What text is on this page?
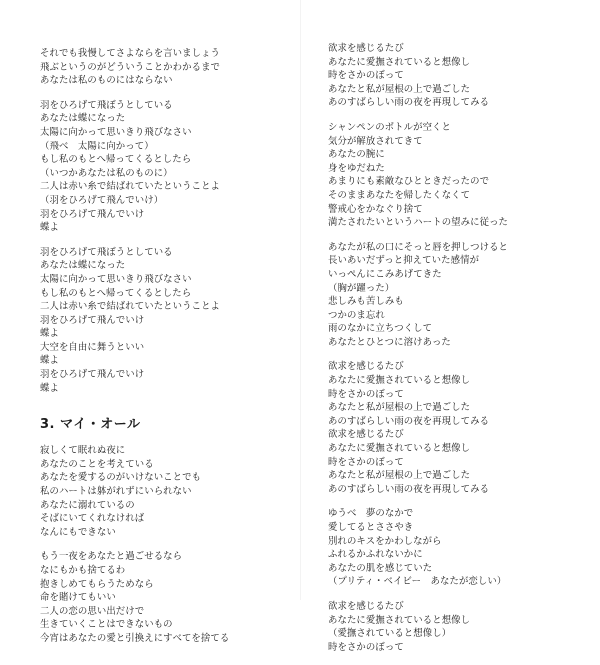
それでも我慢してさよならを言いましょう
飛ぶというのがどういうことかわかるまで
あなたは私のものにはならない
羽をひろげて飛ぼうとしている
あなたは蝶になった
太陽に向かって思いきり飛びなさい
（飛べ　太陽に向かって）
もし私のもとへ帰ってくるとしたら
（いつかあなたは私のものに）
二人は赤い糸で結ばれていたということよ
（羽をひろげて飛んでいけ）
羽をひろげて飛んでいけ
蝶よ
羽をひろげて飛ぼうとしている
あなたは蝶になった
太陽に向かって思いきり飛びなさい
もし私のもとへ帰ってくるとしたら
二人は赤い糸で結ばれていたということよ
羽をひろげて飛んでいけ
蝶よ
大空を自由に舞うといい
蝶よ
羽をひろげて飛んでいけ
蝶よ
3. マイ・オール
寂しくて眠れぬ夜に
あなたのことを考えている
あなたを愛するのがいけないことでも
私のハートは躰がれずにいられない
あなたに溺れているの
そばにいてくれなければ
なんにもできない
もう一夜をあなたと過ごせるなら
なにもかも捨てるわ
抱きしめてもらうためなら
命を賭けてもいい
二人の恋の思い出だけで
生きていくことはできないもの
今宵はあなたの愛と引換えにすべてを捨てる
欲求を感じるたび
あなたに愛撫されていると想像し
時をさかのぼって
あなたと私が屋根の上で過ごした
あのすばらしい雨の夜を再現してみる
シャンペンのボトルが空くと
気分が解放されてきて
あなたの腕に
身をゆだねた
あまりにも素敵なひとときだったので
そのままあなたを帰したくなくて
警戒心をかなぐり捨て
満たされたいというハートの望みに従った
あなたが私の口にそっと唇を押しつけると
長いあいだずっと抑えていた感情が
いっぺんにこみあげてきた
（胸が躍った）
悲しみも苦しみも
つかのま忘れ
雨のなかに立ちつくして
あなたとひとつに溶けあった
欲求を感じるたび
あなたに愛撫されていると想像し
時をさかのぼって
あなたと私が屋根の上で過ごした
あのすばらしい雨の夜を再現してみる
欲求を感じるたび
あなたに愛撫されていると想像し
時をさかのぼって
あなたと私が屋根の上で過ごした
あのすばらしい雨の夜を再現してみる
ゆうべ　夢のなかで
愛してるとささやき
別れのキスをかわしながら
ふれるかふれないかに
あなたの肌を感じていた
（プリティ・ベイビー　あなたが恋しい）
欲求を感じるたび
あなたに愛撫されていると想像し
（愛撫されていると想像し）
時をさかのぼって
